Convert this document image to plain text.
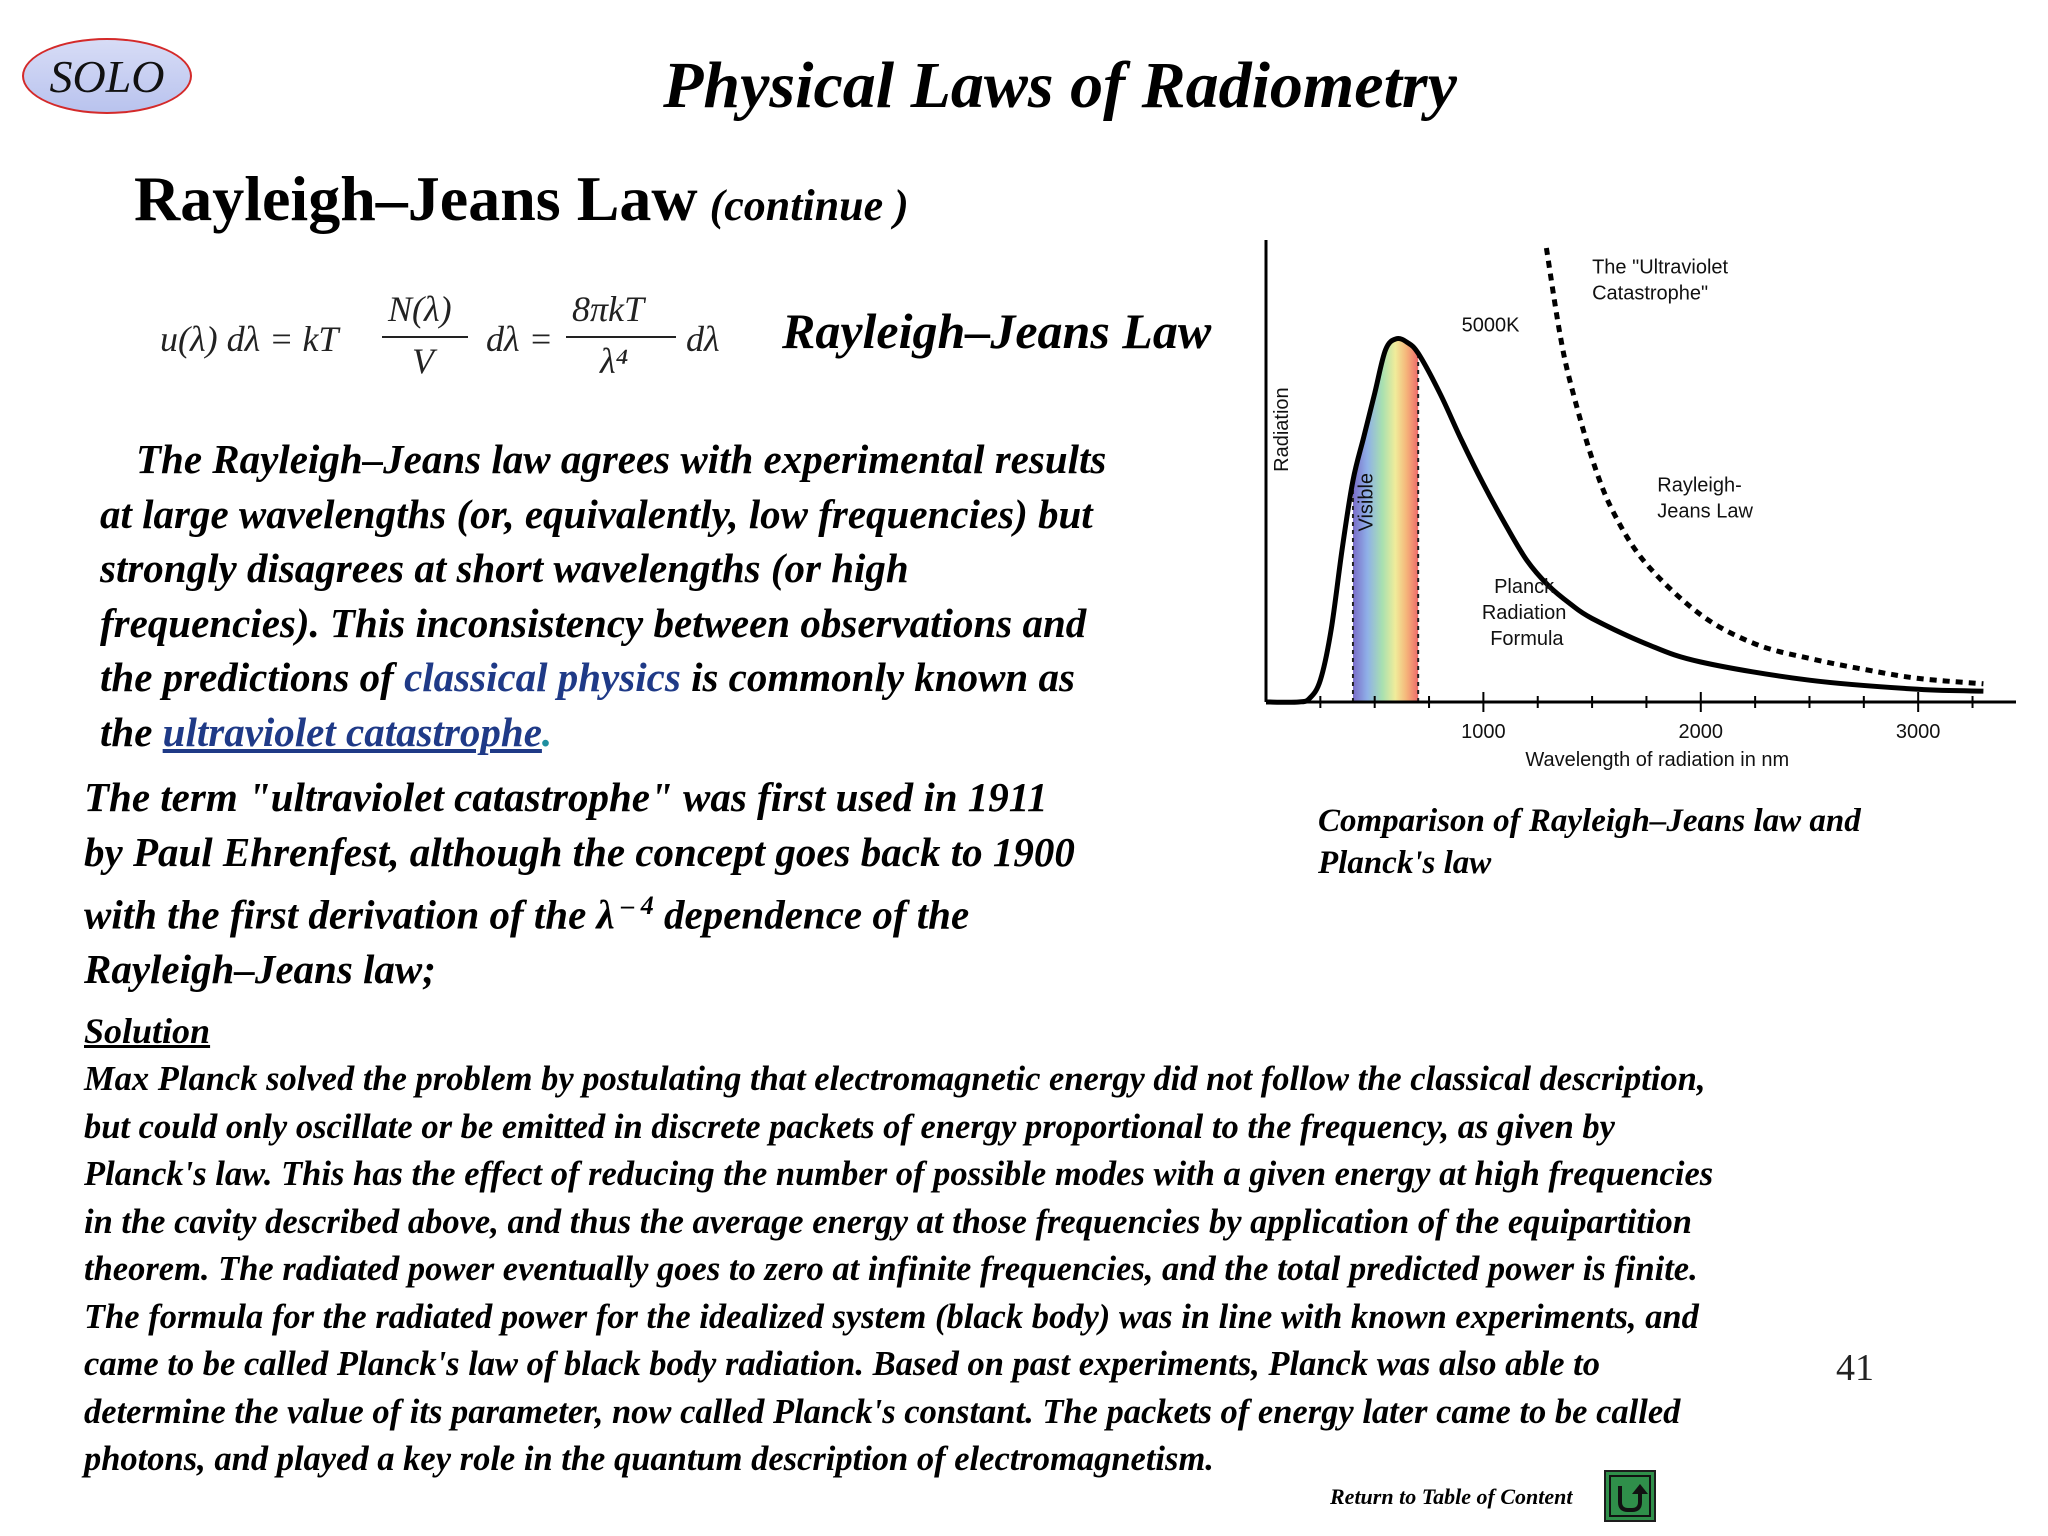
SOLO	Physical Laws of Radiometry
Rayleigh–Jeans Law (continue )
u(λ) dλ = kT
N(λ)
V
dλ =
8πkT
λ⁴
dλ Rayleigh–Jeans Law
The Rayleigh–Jeans law agrees with experimental results
at large wavelengths (or, equivalently, low frequencies) but
strongly disagrees at short wavelengths (or high
frequencies). This inconsistency between observations and
the predictions of classical physics is commonly known as
the ultraviolet catastrophe.
The term "ultraviolet catastrophe" was first used in 1911
by Paul Ehrenfest, although the concept goes back to 1900
with the first derivation of the λ $^{- 4}$ dependence of the
Rayleigh–Jeans law;
Solution
Max Planck solved the problem by postulating that electromagnetic energy did not follow the classical description,
but could only oscillate or be emitted in discrete packets of energy proportional to the frequency, as given by
Planck's law. This has the effect of reducing the number of possible modes with a given energy at high frequencies
in the cavity described above, and thus the average energy at those frequencies by application of the equipartition
theorem. The radiated power eventually goes to zero at infinite frequencies, and the total predicted power is finite.
The formula for the radiated power for the idealized system (black body) was in line with known experiments, and
came to be called Planck's law of black body radiation. Based on past experiments, Planck was also able to
determine the value of its parameter, now called Planck's constant. The packets of energy later came to be called
photons, and played a key role in the quantum description of electromagnetism.
1000	2000	3000
Visible
Radiation
Wavelength of radiation in nm
5000K
The "Ultraviolet Catastrophe"
Rayleigh- Jeans Law
Planck Radiation Formula
Comparison of Rayleigh–Jeans law and Planck's law
41
Return to Table of Content
